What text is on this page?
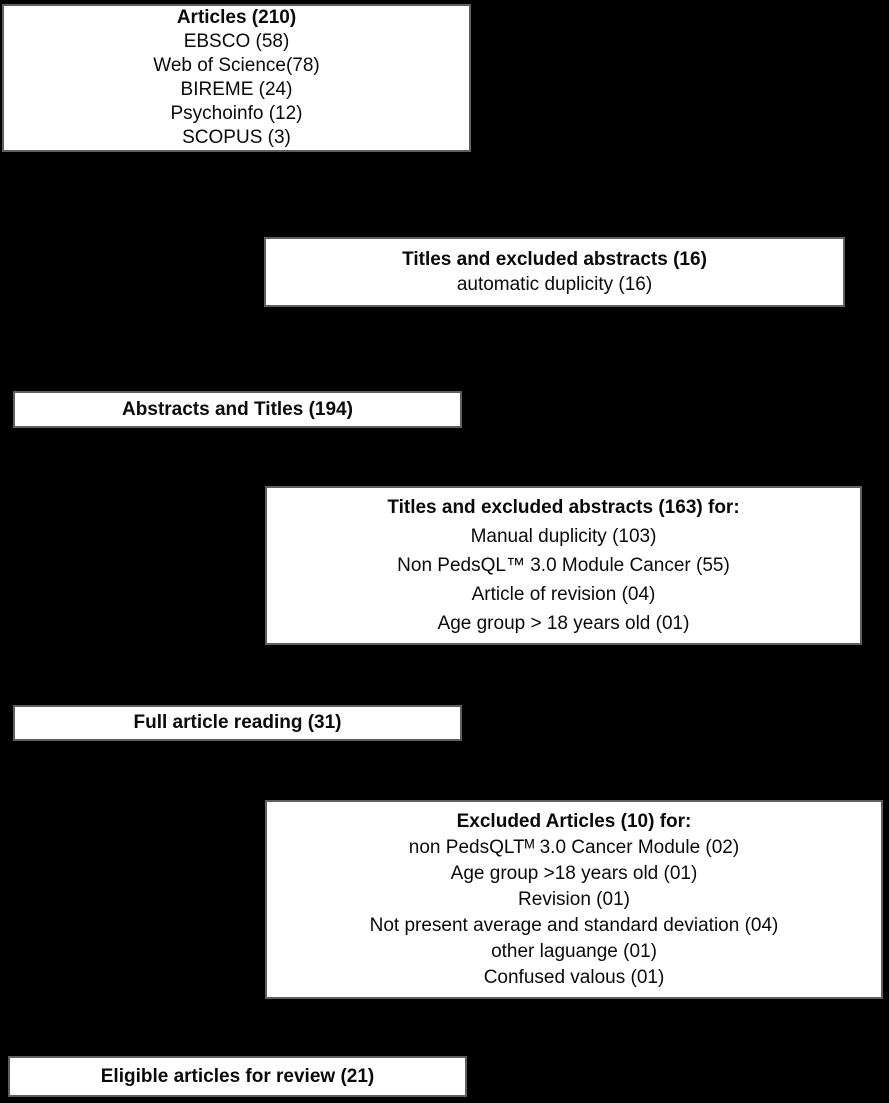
Articles (210)
EBSCO (58)
Web of Science(78)
BIREME (24)
Psychoinfo (12)
SCOPUS (3)
Titles and excluded abstracts (16)
automatic duplicity (16)
Abstracts and Titles (194)
Titles and excluded abstracts (163) for:
Manual duplicity (103)
Non PedsQL™ 3.0 Module Cancer (55)
Article of revision (04)
Age group > 18 years old (01)
Full article reading (31)
Excluded Articles (10) for:
non PedsQLTᴹ 3.0 Cancer Module (02)
Age group >18 years old (01)
Revision (01)
Not present average and standard deviation (04)
other laguange (01)
Confused valous (01)
Eligible articles for review (21)
